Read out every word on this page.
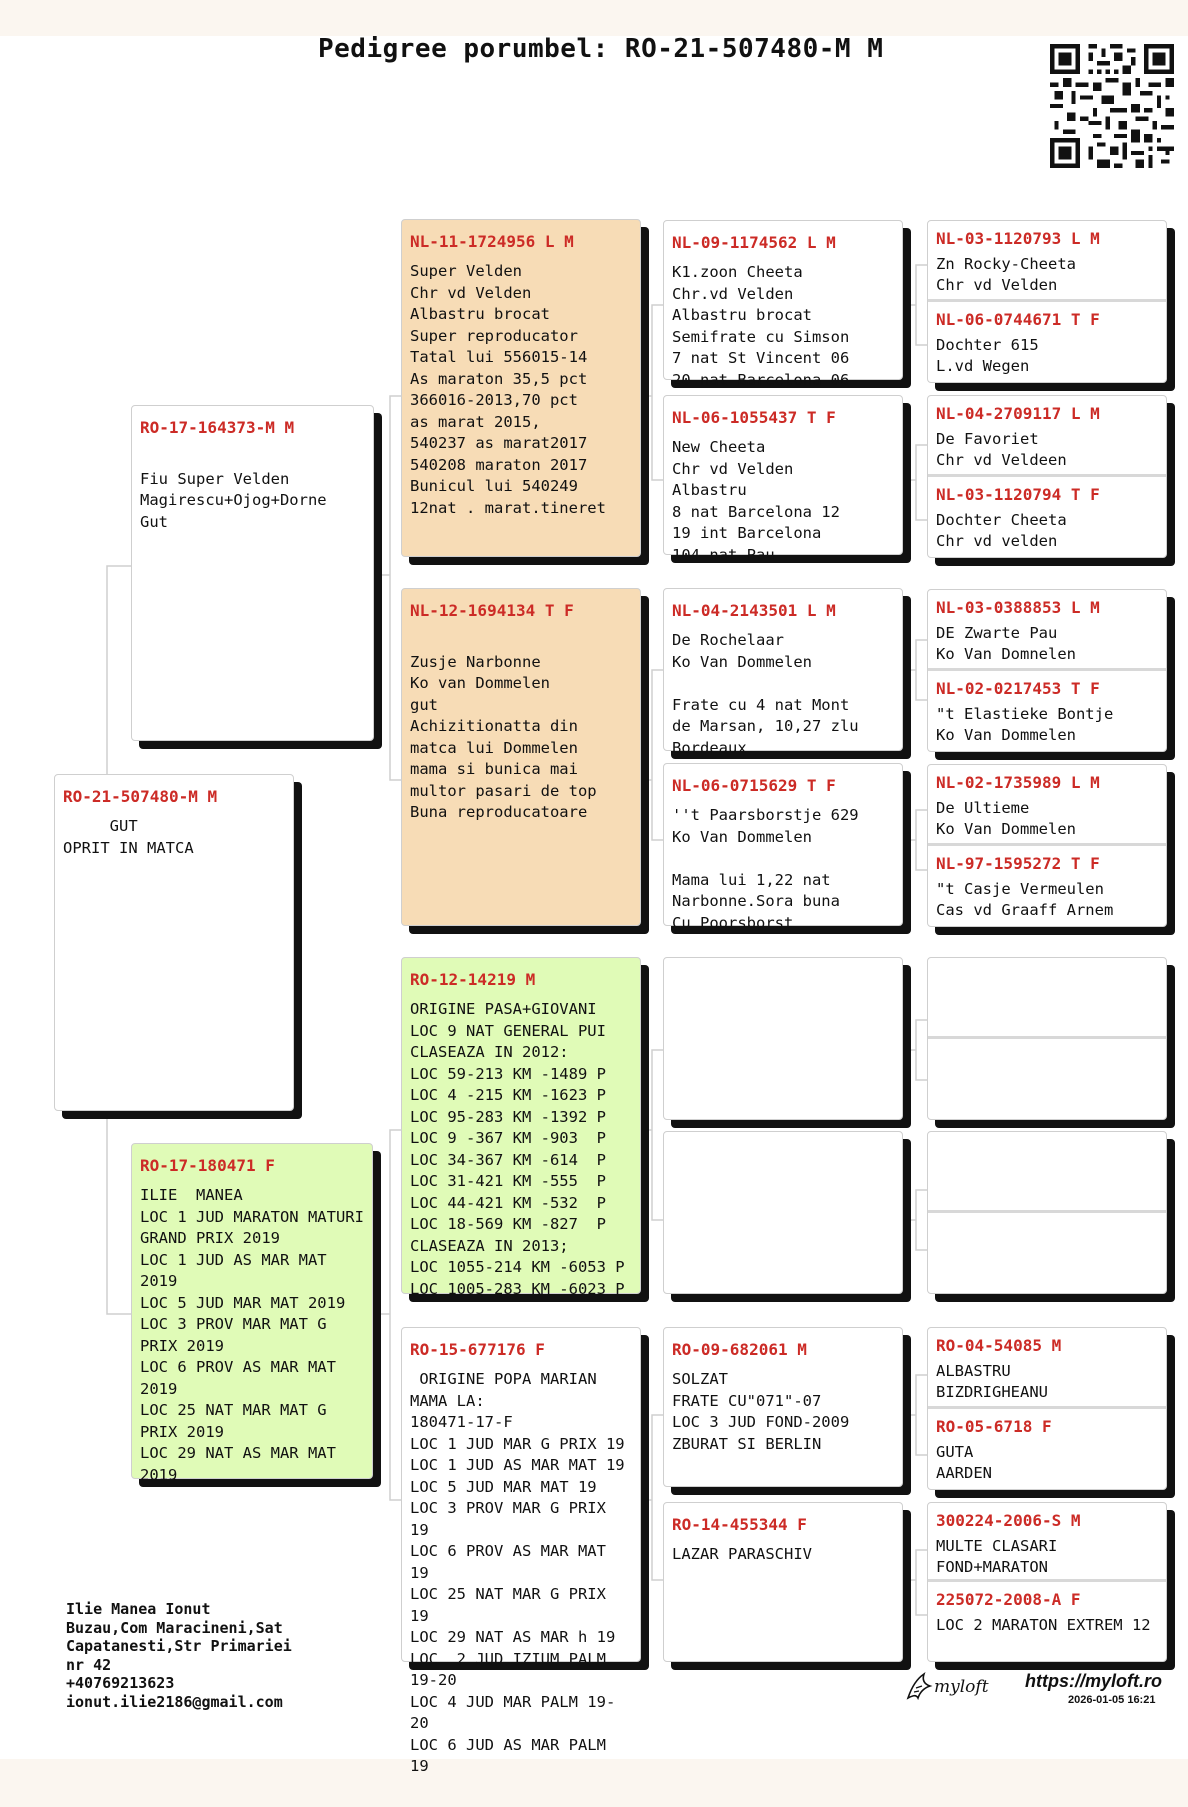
Pedigree porumbel: RO-21-507480-M M
RO-21-507480-M M
GUT
OPRIT IN MATCA
RO-17-164373-M M

Fiu Super Velden
Magirescu+Ojog+Dorne
Gut
RO-17-180471 F
ILIE  MANEA
LOC 1 JUD MARATON MATURI GRAND PRIX 2019
LOC 1 JUD AS MAR MAT 2019
LOC 5 JUD MAR MAT 2019
LOC 3 PROV MAR MAT G PRIX 2019
LOC 6 PROV AS MAR MAT 2019
LOC 25 NAT MAR MAT G PRIX 2019
LOC 29 NAT AS MAR MAT 2019
NL-11-1724956 L M
Super Velden
Chr vd Velden
Albastru brocat
Super reproducator
Tatal lui 556015-14
As maraton 35,5 pct
366016-2013,70 pct
as marat 2015,
540237 as marat2017
540208 maraton 2017
Bunicul lui 540249
12nat . marat.tineret
NL-12-1694134 T F

Zusje Narbonne
Ko van Dommelen
gut
Achizitionatta din
matca lui Dommelen
mama si bunica mai
multor pasari de top
Buna reproducatoare
RO-12-14219 M
ORIGINE PASA+GIOVANI
LOC 9 NAT GENERAL PUI
CLASEAZA IN 2012:
LOC 59-213 KM -1489 P
LOC 4 -215 KM -1623 P
LOC 95-283 KM -1392 P
LOC 9 -367 KM -903  P
LOC 34-367 KM -614  P
LOC 31-421 KM -555  P
LOC 44-421 KM -532  P
LOC 18-569 KM -827  P
CLASEAZA IN 2013;
LOC 1055-214 KM -6053 P
LOC 1005-283 KM -6023 P
RO-15-677176 F
ORIGINE POPA MARIAN
MAMA LA:
180471-17-F
LOC 1 JUD MAR G PRIX 19
LOC 1 JUD AS MAR MAT 19
LOC 5 JUD MAR MAT 19
LOC 3 PROV MAR G PRIX 19
LOC 6 PROV AS MAR MAT 19
LOC 25 NAT MAR G PRIX 19
LOC 29 NAT AS MAR h 19
LOC  2 JUD IZIUM PALM 19-20
LOC 4 JUD MAR PALM 19-20
LOC 6 JUD AS MAR PALM 19
NL-09-1174562 L M
K1.zoon Cheeta
Chr.vd Velden
Albastru brocat
Semifrate cu Simson
7 nat St Vincent 06
20 nat Barcelona 06
NL-06-1055437 T F
New Cheeta
Chr vd Velden
Albastru
8 nat Barcelona 12
19 int Barcelona
104 nat Pau
NL-04-2143501 L M
De Rochelaar
Ko Van Dommelen

Frate cu 4 nat Mont
de Marsan, 10,27 zlu
Bordeaux
NL-06-0715629 T F
''t Paarsborstje 629
Ko Van Dommelen

Mama lui 1,22 nat
Narbonne.Sora buna
Cu Poorsborst
RO-09-682061 M
SOLZAT
FRATE CU"071"-07
LOC 3 JUD FOND-2009
ZBURAT SI BERLIN
RO-14-455344 F
LAZAR PARASCHIV
NL-03-1120793 L M
Zn Rocky-Cheeta
Chr vd Velden
NL-06-0744671 T F
Dochter 615
L.vd Wegen
NL-04-2709117 L M
De Favoriet
Chr vd Veldeen
NL-03-1120794 T F
Dochter Cheeta
Chr vd velden
NL-03-0388853 L M
DE Zwarte Pau
Ko Van Domnelen
NL-02-0217453 T F
"t Elastieke Bontje
Ko Van Dommelen
NL-02-1735989 L M
De Ultieme
Ko Van Dommelen
NL-97-1595272 T F
"t Casje Vermeulen
Cas vd Graaff Arnem
RO-04-54085 M
ALBASTRU
BIZDRIGHEANU
RO-05-6718 F
GUTA
AARDEN
300224-2006-S M
MULTE CLASARI
FOND+MARATON
225072-2008-A F
LOC 2 MARATON EXTREM 12
Ilie Manea Ionut
Buzau,Com Maracineni,Sat
Capatanesti,Str Primariei
nr 42
+40769213623
ionut.ilie2186@gmail.com
myloft https://myloft.ro
2026-01-05 16:21
